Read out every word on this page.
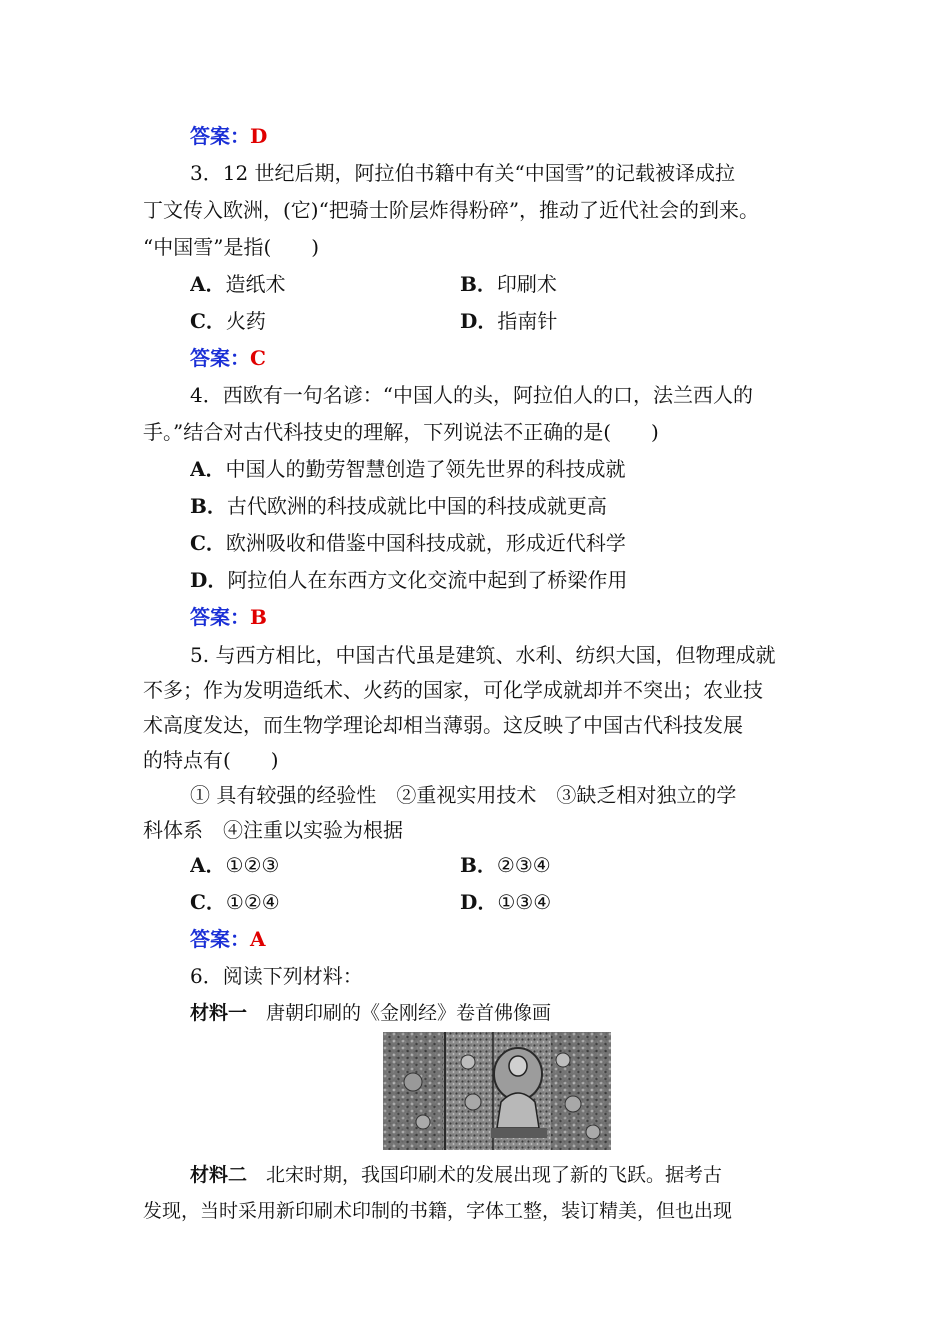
答案：D
3．12 世纪后期，阿拉伯书籍中有关“中国雪”的记载被译成拉
丁文传入欧洲，(它)“把骑士阶层炸得粉碎”，推动了近代社会的到来。
“中国雪”是指(　　)
A．造纸术	B．印刷术
C．火药	D．指南针
答案：C
4．西欧有一句名谚：“中国人的头，阿拉伯人的口，法兰西人的
手。”结合对古代科技史的理解，下列说法不正确的是(　　)
A．中国人的勤劳智慧创造了领先世界的科技成就
B．古代欧洲的科技成就比中国的科技成就更高
C．欧洲吸收和借鉴中国科技成就，形成近代科学
D．阿拉伯人在东西方文化交流中起到了桥梁作用
答案：B
5. 与西方相比，中国古代虽是建筑、水利、纺织大国，但物理成就
不多；作为发明造纸术、火药的国家，可化学成就却并不突出；农业技
术高度发达，而生物学理论却相当薄弱。这反映了中国古代科技发展
的特点有(　　)
① 具有较强的经验性　②重视实用技术　③缺乏相对独立的学
科体系　④注重以实验为根据
A．①②③	B．②③④
C．①②④	D．①③④
答案：A
6．阅读下列材料：
材料一　 唐朝印刷的《金刚经》卷首佛像画
材料二　 北宋时期，我国印刷术的发展出现了新的飞跃。据考古
发现，当时采用新印刷术印制的书籍，字体工整，装订精美，但也出现
